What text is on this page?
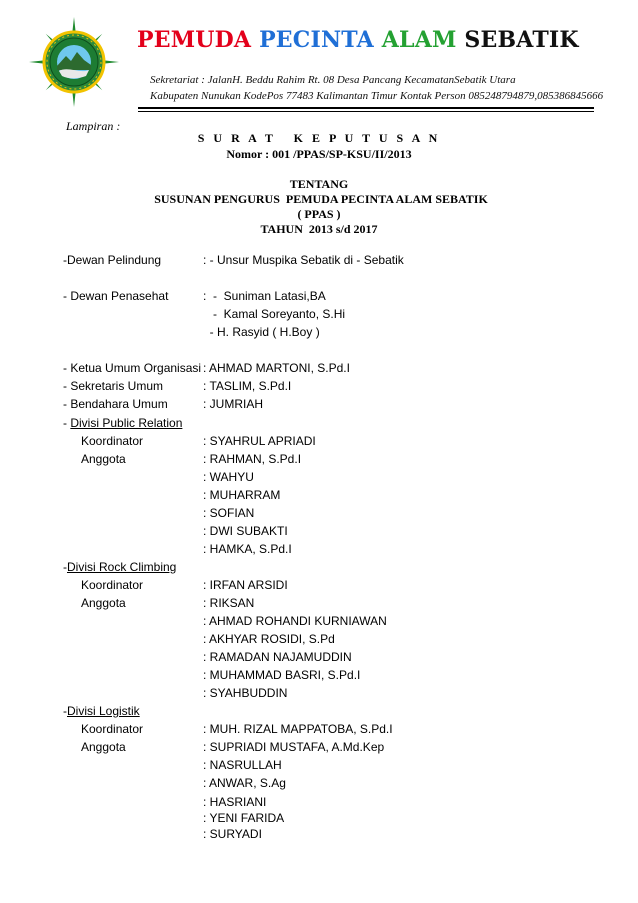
PEMUDA PECINTA ALAM SEBATIK
Sekretariat : JalanH. Beddu Rahim Rt. 08 Desa Pancang KecamatanSebatik Utara
Kabupaten Nunukan KodePos 77483 Kalimantan Timur Kontak Person 085248794879,085386845666
Lampiran :
S U R A T   K E P U T U S A N
Nomor : 001 /PPAS/SP-KSU/II/2013
TENTANG
SUSUNAN PENGURUS  PEMUDA PECINTA ALAM SEBATIK
( PPAS )
TAHUN  2013 s/d 2017
-Dewan Pelindung	: - Unsur Muspika Sebatik di - Sebatik
- Dewan Penasehat	:  -  Suniman Latasi,BA
-  Kamal Soreyanto, S.Hi
- H. Rasyid ( H.Boy )
- Ketua Umum Organisasi : AHMAD MARTONI, S.Pd.I
- Sekretaris Umum	: TASLIM, S.Pd.I
- Bendahara Umum	: JUMRIAH
- Divisi Public Relation
Koordinator	: SYAHRUL APRIADI
Anggota	: RAHMAN, S.Pd.I
: WAHYU
: MUHARRAM
: SOFIAN
: DWI SUBAKTI
: HAMKA, S.Pd.I
-Divisi Rock Climbing
Koordinator	: IRFAN ARSIDI
Anggota	: RIKSAN
: AHMAD ROHANDI KURNIAWAN
: AKHYAR ROSIDI, S.Pd
: RAMADAN NAJAMUDDIN
: MUHAMMAD BASRI, S.Pd.I
: SYAHBUDDIN
-Divisi Logistik
Koordinator	: MUH. RIZAL MAPPATOBA, S.Pd.I
Anggota	: SUPRIADI MUSTAFA, A.Md.Kep
: NASRULLAH
: ANWAR, S.Ag
: HASRIANI
: YENI FARIDA
: SURYADI
